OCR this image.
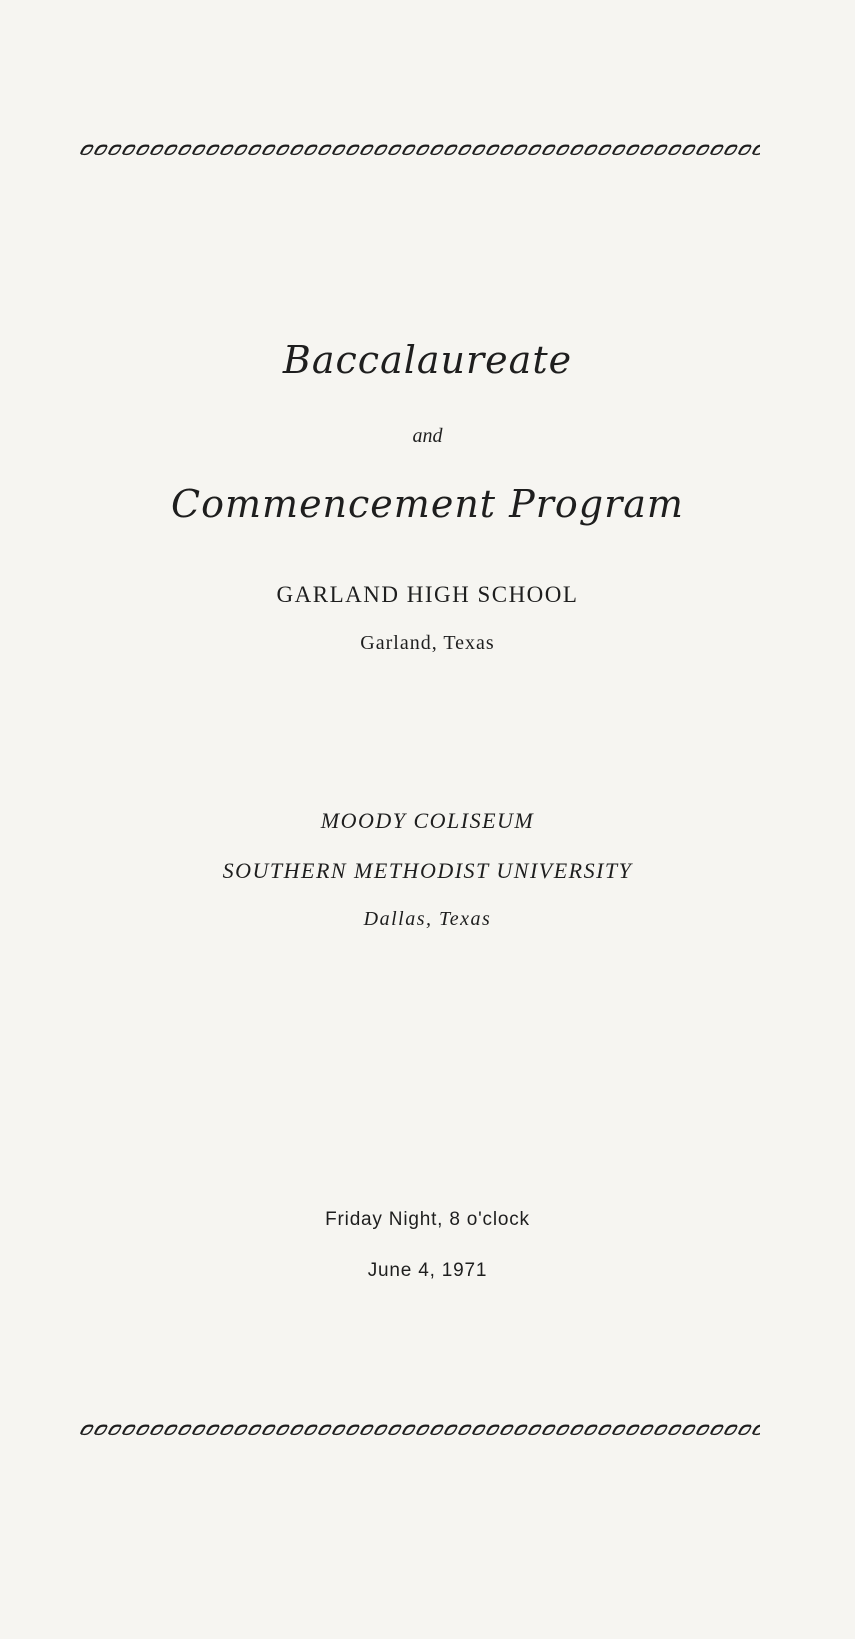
Baccalaureate
and
Commencement Program
GARLAND HIGH SCHOOL
Garland, Texas
MOODY COLISEUM
SOUTHERN METHODIST UNIVERSITY
Dallas, Texas
Friday Night, 8 o'clock
June 4, 1971
